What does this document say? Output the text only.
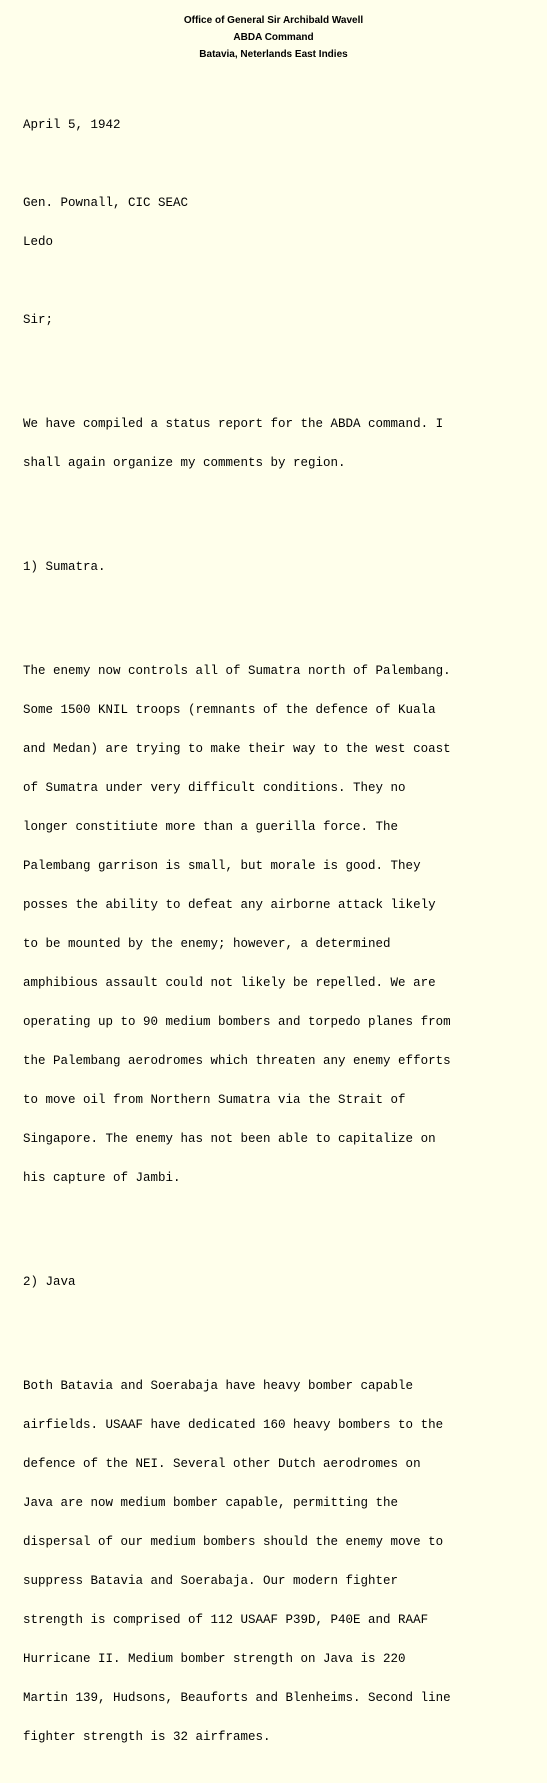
Office of General Sir Archibald Wavell
ABDA Command
Batavia, Neterlands East Indies

April 5, 1942

Gen. Pownall, CIC SEAC

Ledo

Sir;

We have compiled a status report for the ABDA command. I

shall again organize my comments by region.

1) Sumatra.

The enemy now controls all of Sumatra north of Palembang.

Some 1500 KNIL troops (remnants of the defence of Kuala

and Medan) are trying to make their way to the west coast

of Sumatra under very difficult conditions. They no

longer constitiute more than a guerilla force. The

Palembang garrison is small, but morale is good. They

posses the ability to defeat any airborne attack likely

to be mounted by the enemy; however, a determined

amphibious assault could not likely be repelled. We are

operating up to 90 medium bombers and torpedo planes from

the Palembang aerodromes which threaten any enemy efforts

to move oil from Northern Sumatra via the Strait of

Singapore. The enemy has not been able to capitalize on

his capture of Jambi.

2) Java

Both Batavia and Soerabaja have heavy bomber capable

airfields. USAAF have dedicated 160 heavy bombers to the

defence of the NEI. Several other Dutch aerodromes on

Java are now medium bomber capable, permitting the

dispersal of our medium bombers should the enemy move to

suppress Batavia and Soerabaja. Our modern fighter

strength is comprised of 112 USAAF P39D, P40E and RAAF

Hurricane II. Medium bomber strength on Java is 220

Martin 139, Hudsons, Beauforts and Blenheims. Second line

fighter strength is 32 airframes.
